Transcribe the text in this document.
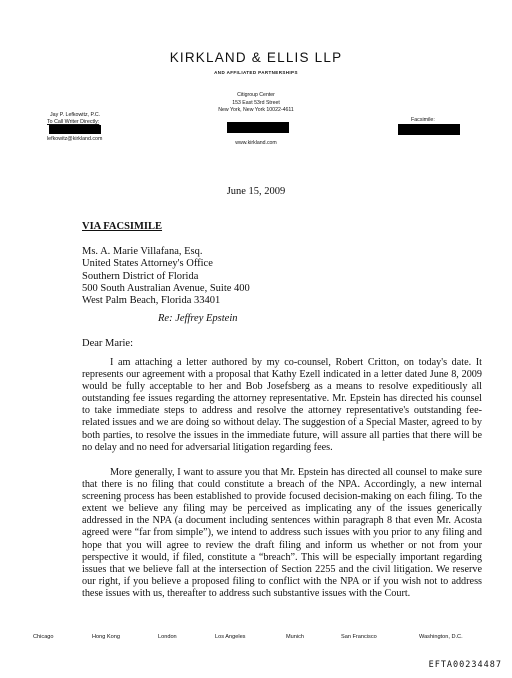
KIRKLAND & ELLIS LLP
AND AFFILIATED PARTNERSHIPS
Citigroup Center
153 East 53rd Street
New York, New York 10022-4611
Jay P. Lefkowitz, P.C.
To Call Writer Directly:
lefkowitz@kirkland.com
Facsimile:
www.kirkland.com
June 15, 2009
VIA FACSIMILE
Ms. A. Marie Villafana, Esq.
United States Attorney's Office
Southern District of Florida
500 South Australian Avenue, Suite 400
West Palm Beach, Florida 33401
Re: Jeffrey Epstein
Dear Marie:

I am attaching a letter authored by my co-counsel, Robert Critton, on today's date. It represents our agreement with a proposal that Kathy Ezell indicated in a letter dated June 8, 2009 would be fully acceptable to her and Bob Josefsberg as a means to resolve expeditiously all outstanding fee issues regarding the attorney representative. Mr. Epstein has directed his counsel to take immediate steps to address and resolve the attorney representative's outstanding fee-related issues and we are doing so without delay. The suggestion of a Special Master, agreed to by both parties, to resolve the issues in the immediate future, will assure all parties that there will be no delay and no need for adversarial litigation regarding fees.

More generally, I want to assure you that Mr. Epstein has directed all counsel to make sure that there is no filing that could constitute a breach of the NPA. Accordingly, a new internal screening process has been established to provide focused decision-making on each filing. To the extent we believe any filing may be perceived as implicating any of the issues generically addressed in the NPA (a document including sentences within paragraph 8 that even Mr. Acosta agreed were “far from simple”), we intend to address such issues with you prior to any filing and hope that you will agree to review the draft filing and inform us whether or not from your perspective it would, if filed, constitute a “breach”. This will be especially important regarding issues that we believe fall at the intersection of Section 2255 and the civil litigation. We reserve our right, if you believe a proposed filing to conflict with the NPA or if you wish not to address these issues with us, thereafter to address such substantive issues with the Court.

Chicago	Hong Kong	London	Los Angeles	Munich	San Francisco	Washington, D.C.
EFTA00234487
